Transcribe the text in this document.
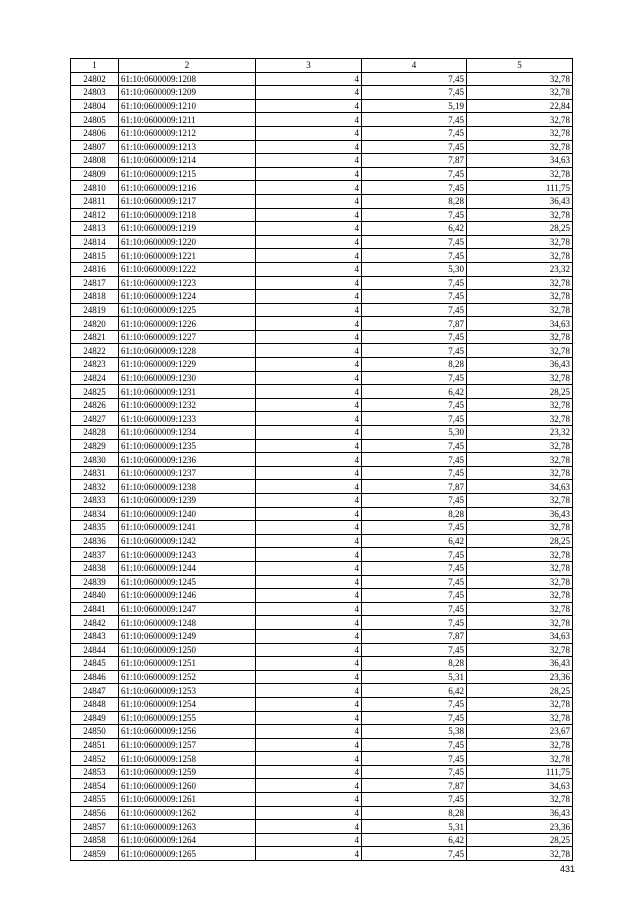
1	2	3	4	5
24802	61:10:0600009:1208	4	7,45	32,78
24803	61:10:0600009:1209	4	7,45	32,78
24804	61:10:0600009:1210	4	5,19	22,84
24805	61:10:0600009:1211	4	7,45	32,78
24806	61:10:0600009:1212	4	7,45	32,78
24807	61:10:0600009:1213	4	7,45	32,78
24808	61:10:0600009:1214	4	7,87	34,63
24809	61:10:0600009:1215	4	7,45	32,78
24810	61:10:0600009:1216	4	7,45	111,75
24811	61:10:0600009:1217	4	8,28	36,43
24812	61:10:0600009:1218	4	7,45	32,78
24813	61:10:0600009:1219	4	6,42	28,25
24814	61:10:0600009:1220	4	7,45	32,78
24815	61:10:0600009:1221	4	7,45	32,78
24816	61:10:0600009:1222	4	5,30	23,32
24817	61:10:0600009:1223	4	7,45	32,78
24818	61:10:0600009:1224	4	7,45	32,78
24819	61:10:0600009:1225	4	7,45	32,78
24820	61:10:0600009:1226	4	7,87	34,63
24821	61:10:0600009:1227	4	7,45	32,78
24822	61:10:0600009:1228	4	7,45	32,78
24823	61:10:0600009:1229	4	8,28	36,43
24824	61:10:0600009:1230	4	7,45	32,78
24825	61:10:0600009:1231	4	6,42	28,25
24826	61:10:0600009:1232	4	7,45	32,78
24827	61:10:0600009:1233	4	7,45	32,78
24828	61:10:0600009:1234	4	5,30	23,32
24829	61:10:0600009:1235	4	7,45	32,78
24830	61:10:0600009:1236	4	7,45	32,78
24831	61:10:0600009:1237	4	7,45	32,78
24832	61:10:0600009:1238	4	7,87	34,63
24833	61:10:0600009:1239	4	7,45	32,78
24834	61:10:0600009:1240	4	8,28	36,43
24835	61:10:0600009:1241	4	7,45	32,78
24836	61:10:0600009:1242	4	6,42	28,25
24837	61:10:0600009:1243	4	7,45	32,78
24838	61:10:0600009:1244	4	7,45	32,78
24839	61:10:0600009:1245	4	7,45	32,78
24840	61:10:0600009:1246	4	7,45	32,78
24841	61:10:0600009:1247	4	7,45	32,78
24842	61:10:0600009:1248	4	7,45	32,78
24843	61:10:0600009:1249	4	7,87	34,63
24844	61:10:0600009:1250	4	7,45	32,78
24845	61:10:0600009:1251	4	8,28	36,43
24846	61:10:0600009:1252	4	5,31	23,36
24847	61:10:0600009:1253	4	6,42	28,25
24848	61:10:0600009:1254	4	7,45	32,78
24849	61:10:0600009:1255	4	7,45	32,78
24850	61:10:0600009:1256	4	5,38	23,67
24851	61:10:0600009:1257	4	7,45	32,78
24852	61:10:0600009:1258	4	7,45	32,78
24853	61:10:0600009:1259	4	7,45	111,75
24854	61:10:0600009:1260	4	7,87	34,63
24855	61:10:0600009:1261	4	7,45	32,78
24856	61:10:0600009:1262	4	8,28	36,43
24857	61:10:0600009:1263	4	5,31	23,36
24858	61:10:0600009:1264	4	6,42	28,25
24859	61:10:0600009:1265	4	7,45	32,78
431
